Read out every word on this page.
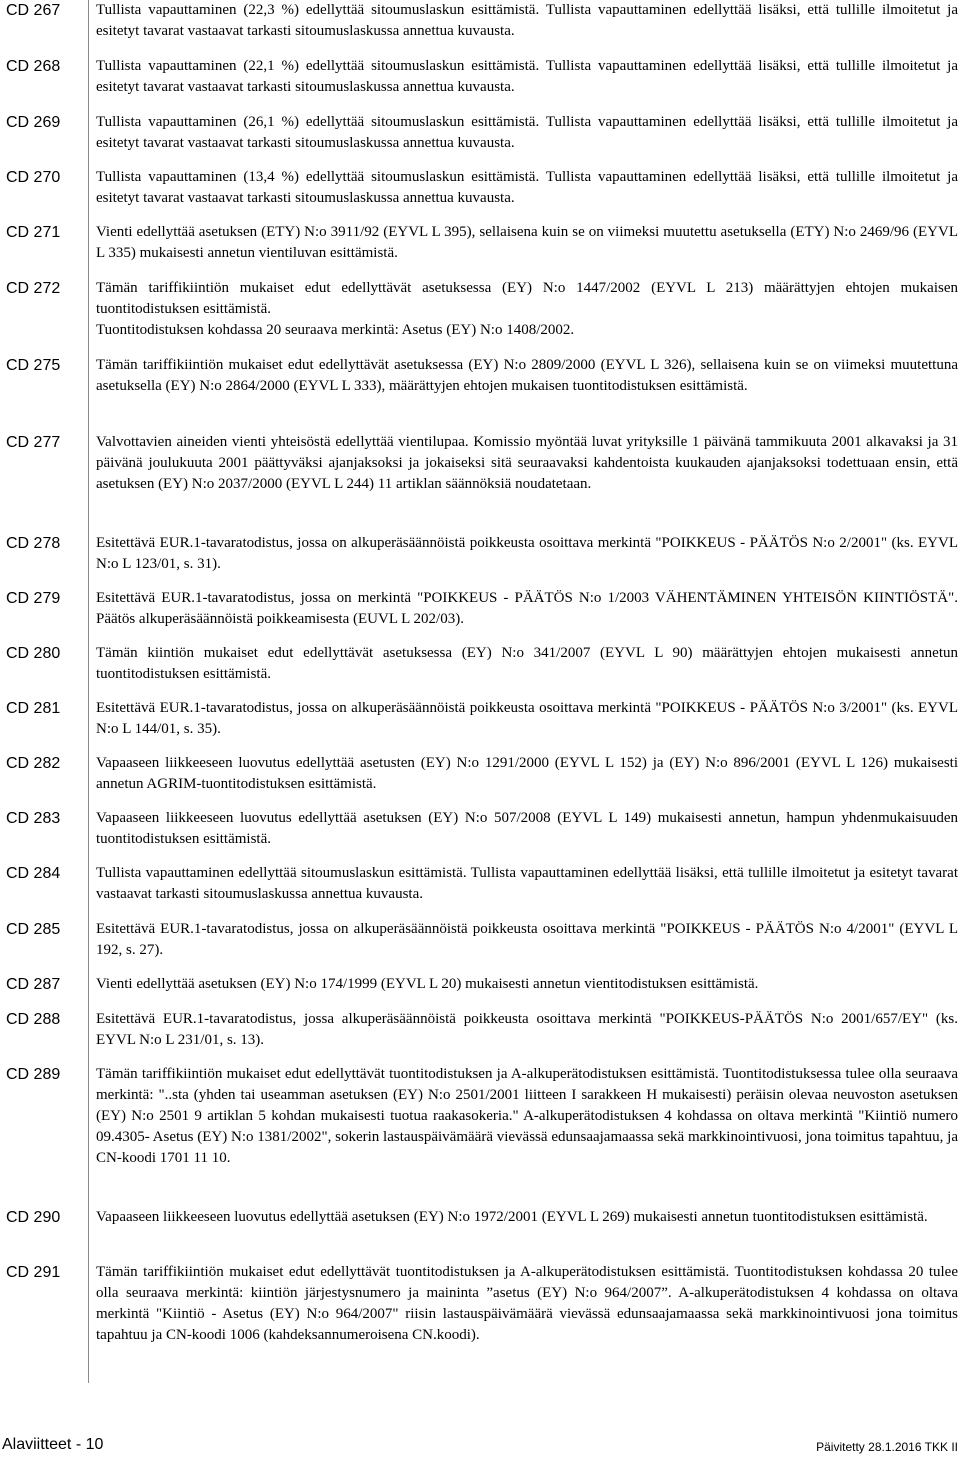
CD 267 Tullista vapauttaminen (22,3 %) edellyttää sitoumuslaskun esittämistä. Tullista vapauttaminen edellyttää lisäksi, että tullille ilmoitetut ja esitetyt tavarat vastaavat tarkasti sitoumuslaskussa annettua kuvausta.

CD 268 Tullista vapauttaminen (22,1 %) edellyttää sitoumuslaskun esittämistä. Tullista vapauttaminen edellyttää lisäksi, että tullille ilmoitetut ja esitetyt tavarat vastaavat tarkasti sitoumuslaskussa annettua kuvausta.

CD 269 Tullista vapauttaminen (26,1 %) edellyttää sitoumuslaskun esittämistä. Tullista vapauttaminen edellyttää lisäksi, että tullille ilmoitetut ja esitetyt tavarat vastaavat tarkasti sitoumuslaskussa annettua kuvausta.

CD 270 Tullista vapauttaminen (13,4 %) edellyttää sitoumuslaskun esittämistä. Tullista vapauttaminen edellyttää lisäksi, että tullille ilmoitetut ja esitetyt tavarat vastaavat tarkasti sitoumuslaskussa annettua kuvausta.

CD 271 Vienti edellyttää asetuksen (ETY) N:o 3911/92 (EYVL L 395), sellaisena kuin se on viimeksi muutettu asetuksella (ETY) N:o 2469/96 (EYVL L 335) mukaisesti annetun vientiluvan esittämistä.

CD 272 Tämän tariffikiintiön mukaiset edut edellyttävät asetuksessa (EY) N:o 1447/2002 (EYVL L 213) määrättyjen ehtojen mukaisen tuontitodistuksen esittämistä.

Tuontitodistuksen kohdassa 20 seuraava merkintä: Asetus (EY) N:o 1408/2002.

CD 275 Tämän tariffikiintiön mukaiset edut edellyttävät asetuksessa (EY) N:o 2809/2000 (EYVL L 326), sellaisena kuin se on viimeksi muutettuna asetuksella (EY) N:o 2864/2000 (EYVL L 333), määrättyjen ehtojen mukaisen tuontitodistuksen esittämistä.

CD 277 Valvottavien aineiden vienti yhteisöstä edellyttää vientilupaa. Komissio myöntää luvat yrityksille 1 päivänä tammikuuta 2001 alkavaksi ja 31 päivänä joulukuuta 2001 päättyväksi ajanjaksoksi ja jokaiseksi sitä seuraavaksi kahdentoista kuukauden ajanjaksoksi todettuaan ensin, että asetuksen (EY) N:o 2037/2000 (EYVL L 244) 11 artiklan säännöksiä noudatetaan.

CD 278 Esitettävä EUR.1-tavaratodistus, jossa on alkuperäsäännöistä poikkeusta osoittava merkintä "POIKKEUS - PÄÄTÖS N:o 2/2001" (ks. EYVL N:o L 123/01, s. 31).

CD 279 Esitettävä EUR.1-tavaratodistus, jossa on merkintä "POIKKEUS - PÄÄTÖS N:o 1/2003 VÄHENTÄMINEN YHTEISÖN KIINTIÖSTÄ". Päätös alkuperäsäännöistä poikkeamisesta (EUVL L 202/03).

CD 280 Tämän kiintiön mukaiset edut edellyttävät asetuksessa (EY) N:o 341/2007 (EYVL L 90) määrättyjen ehtojen mukaisesti annetun tuontitodistuksen esittämistä.

CD 281 Esitettävä EUR.1-tavaratodistus, jossa on alkuperäsäännöistä poikkeusta osoittava merkintä "POIKKEUS - PÄÄTÖS N:o 3/2001" (ks. EYVL N:o L 144/01, s. 35).

CD 282 Vapaaseen liikkeeseen luovutus edellyttää asetusten (EY) N:o 1291/2000 (EYVL L 152) ja (EY) N:o 896/2001 (EYVL L 126) mukaisesti annetun AGRIM-tuontitodistuksen esittämistä.

CD 283 Vapaaseen liikkeeseen luovutus edellyttää asetuksen (EY) N:o 507/2008 (EYVL L 149) mukaisesti annetun, hampun yhdenmukaisuuden tuontitodistuksen esittämistä.

CD 284 Tullista vapauttaminen edellyttää sitoumuslaskun esittämistä. Tullista vapauttaminen edellyttää lisäksi, että tullille ilmoitetut ja esitetyt tavarat vastaavat tarkasti sitoumuslaskussa annettua kuvausta.

CD 285 Esitettävä EUR.1-tavaratodistus, jossa on alkuperäsäännöistä poikkeusta osoittava merkintä "POIKKEUS - PÄÄTÖS N:o 4/2001" (EYVL L 192, s. 27).

CD 287 Vienti edellyttää asetuksen (EY) N:o 174/1999 (EYVL L 20) mukaisesti annetun vientitodistuksen esittämistä.

CD 288 Esitettävä EUR.1-tavaratodistus, jossa alkuperäsäännöistä poikkeusta osoittava merkintä "POIKKEUS-PÄÄTÖS N:o 2001/657/EY" (ks. EYVL N:o L 231/01, s. 13).

CD 289 Tämän tariffikiintiön mukaiset edut edellyttävät tuontitodistuksen ja A-alkuperätodistuksen esittämistä. Tuontitodistuksessa tulee olla seuraava merkintä: "..sta (yhden tai useamman asetuksen (EY) N:o 2501/2001 liitteen I sarakkeen H mukaisesti) peräisin olevaa neuvoston asetuksen (EY) N:o 2501 9 artiklan 5 kohdan mukaisesti tuotua raakasokeria." A-alkuperätodistuksen 4 kohdassa on oltava merkintä "Kiintiö numero 09.4305- Asetus (EY) N:o 1381/2002", sokerin lastauspäivämäärä vievässä edunsaajamaassa sekä markkinointivuosi, jona toimitus tapahtuu, ja CN-koodi 1701 11 10.

CD 290 Vapaaseen liikkeeseen luovutus edellyttää asetuksen (EY) N:o 1972/2001 (EYVL L 269) mukaisesti annetun tuontitodistuksen esittämistä.

CD 291 Tämän tariffikiintiön mukaiset edut edellyttävät tuontitodistuksen ja A-alkuperätodistuksen esittämistä. Tuontitodistuksen kohdassa 20 tulee olla seuraava merkintä: kiintiön järjestysnumero ja maininta ”asetus (EY) N:o 964/2007”. A-alkuperätodistuksen 4 kohdassa on oltava merkintä "Kiintiö - Asetus (EY) N:o 964/2007" riisin lastauspäivämäärä vievässä edunsaajamaassa sekä markkinointivuosi jona toimitus tapahtuu ja CN-koodi 1006 (kahdeksannumeroisena CN.koodi).

Alaviitteet - 10	Päivitetty 28.1.2016 TKK II
